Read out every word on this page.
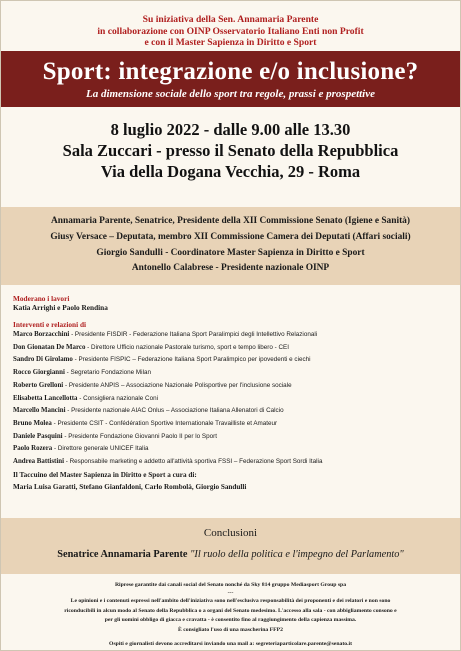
Su iniziativa della Sen. Annamaria Parente
in collaborazione con OINP Osservatorio Italiano Enti non Profit
e con il Master Sapienza in Diritto e Sport
Sport: integrazione e/o inclusione?
La dimensione sociale dello sport tra regole, prassi e prospettive
8 luglio 2022 - dalle 9.00 alle 13.30
Sala Zuccari - presso il Senato della Repubblica
Via della Dogana Vecchia, 29 - Roma
Annamaria Parente, Senatrice, Presidente della XII Commissione Senato (Igiene e Sanità)
Giusy Versace – Deputata, membro XII Commissione Camera dei Deputati (Affari sociali)
Giorgio Sandulli - Coordinatore Master Sapienza in Diritto e Sport
Antonello Calabrese - Presidente nazionale OINP
Moderano i lavori
Katia Arrighi e Paolo Rendina
Interventi e relazioni di
Marco Borzacchini - Presidente FISDIR - Federazione Italiana Sport Paralimpici degli Intellettivo Relazionali
Don Gionatan De Marco - Direttore Ufficio nazionale Pastorale turismo, sport e tempo libero - CEI
Sandro Di Girolamo - Presidente FISPIC – Federazione Italiana Sport Paralimpico per ipovedenti e ciechi
Rocco Giorgianni - Segretario Fondazione Milan
Roberto Grelloni - Presidente ANPIS – Associazione Nazionale Polisportive per l'inclusione sociale
Elisabetta Lancellotta - Consigliera nazionale Coni
Marcello Mancini - Presidente nazionale AIAC Onlus – Associazione Italiana Allenatori di Calcio
Bruno Molea - Presidente CSIT - Confédération Sportive Internationale Travailliste et Amateur
Daniele Pasquini - Presidente Fondazione Giovanni Paolo II per lo Sport
Paolo Rozera - Direttore generale UNICEF Italia
Andrea Battistini - Responsabile marketing e addetto all'attività sportiva FSSI – Federazione Sport Sordi Italia
Il Taccuino del Master Sapienza in Diritto e Sport a cura di:
Maria Luisa Garatti, Stefano Gianfaldoni, Carlo Rombolà, Giorgio Sandulli
Conclusioni
Senatrice Annamaria Parente "Il ruolo della politica e l'impegno del Parlamento"
Riprese garantite dai canali social del Senato nonché da Sky 814 gruppo Mediasport Group spa
---
Le opinioni e i contenuti espressi nell'ambito dell'iniziativa sono nell'esclusiva responsabilità dei proponenti e dei relatori e non sono
riconducibili in alcun modo al Senato della Repubblica o a organi del Senato medesimo. L'accesso alla sala - con abbigliamento consono e
per gli uomini obbligo di giacca e cravatta - è consentito fino al raggiungimento della capienza massima.
È consigliato l'uso di una mascherina FFP2
Ospiti e giornalisti devono accreditarsi inviando una mail a: segreteriaparticolare.parente@senato.it
